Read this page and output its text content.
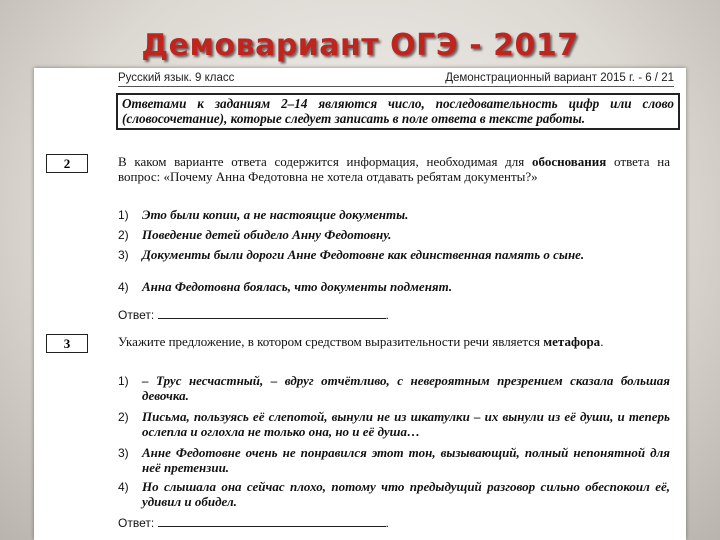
Демовариант ОГЭ - 2017
Русский язык. 9 класс	Демонстрационный вариант 2015 г. - 6 / 21
Ответами к заданиям 2–14 являются число, последовательность цифр или слово (словосочетание), которые следует записать в поле ответа в тексте работы.
2	В каком варианте ответа содержится информация, необходимая для обоснования ответа на вопрос: «Почему Анна Федотовна не хотела отдавать ребятам документы?»
1) Это были копии, а не настоящие документы.
2) Поведение детей обидело Анну Федотовну.
3) Документы были дороги Анне Федотовне как единственная память о сыне.
4) Анна Федотовна боялась, что документы подменят.
Ответ:	.
3	Укажите предложение, в котором средством выразительности речи является метафора.
1) – Трус несчастный, – вдруг отчётливо, с невероятным презрением сказала большая девочка.
2) Письма, пользуясь её слепотой, вынули не из шкатулки – их вынули из её души, и теперь ослепла и оглохла не только она, но и её душа…
3) Анне Федотовне очень не понравился этот тон, вызывающий, полный непонятной для неё претензии.
4) Но слышала она сейчас плохо, потому что предыдущий разговор сильно обеспокоил её, удивил и обидел.
Ответ:	.
